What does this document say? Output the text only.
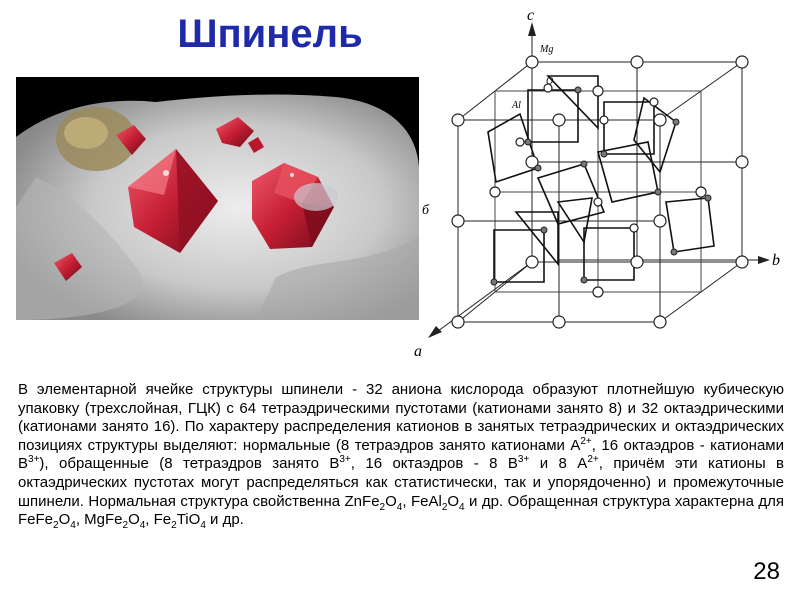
Шпинель	c
b
a
Mg
O
Al
б

В элементарной ячейке структуры шпинели - 32 аниона кислорода образуют плотнейшую кубическую упаковку (трехслойная, ГЦК) с 64 тетраэдрическими пустотами (катионами занято 8) и 32 октаэдрическими (катионами занято 16). По характеру распределения катионов в занятых тетраэдрических и октаэдрических позициях структуры выделяют: нормальные (8 тетраэдров занято катионами $A^{2+}$, 16 октаэдров - катионами $B^{3+}$), обращенные (8 тетраэдров занято $B^{3+}$, 16 октаэдров - 8 $B^{3+}$ и 8 $A^{2+}$, причём эти катионы в октаэдрических пустотах могут распределяться как статистически, так и упорядоченно) и промежуточные шпинели. Нормальная структура свойственна $ZnFe_2O_4$, $FeAl_2O_4$ и др. Обращенная структура характерна для $FeFe_2O_4$, $MgFe_2O_4$, $Fe_2TiO_4$ и др.

28
